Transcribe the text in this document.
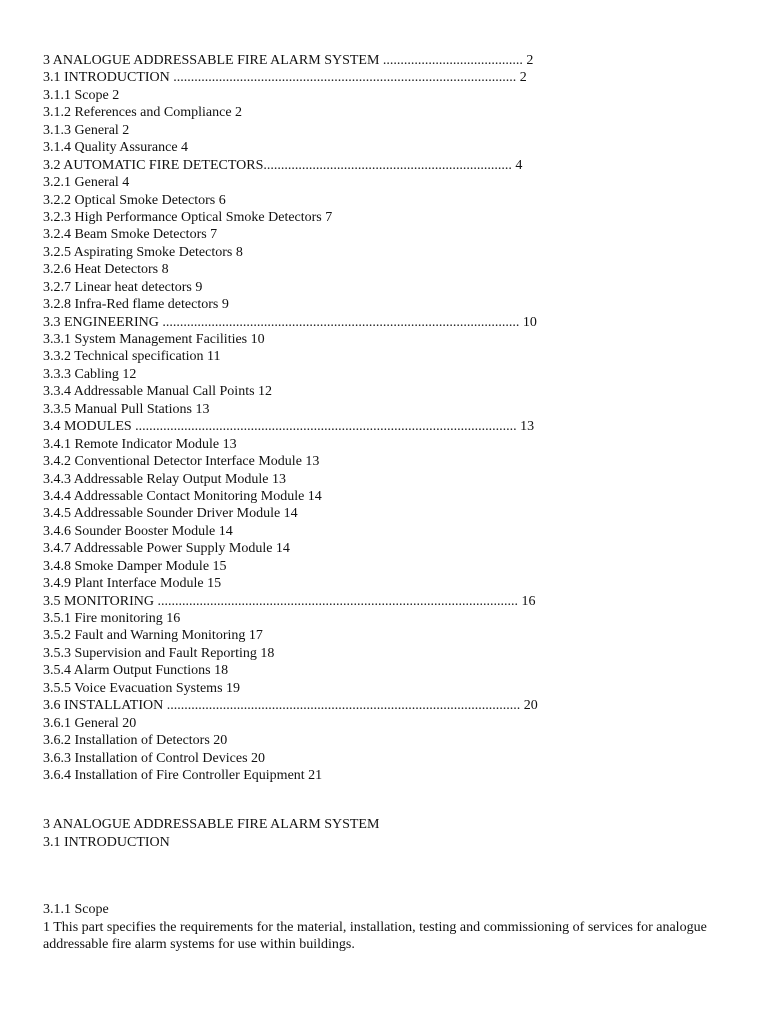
3 ANALOGUE ADDRESSABLE FIRE ALARM SYSTEM ........................................ 2
3.1 INTRODUCTION .................................................................................................. 2
3.1.1 Scope 2
3.1.2 References and Compliance 2
3.1.3 General 2
3.1.4 Quality Assurance 4
3.2 AUTOMATIC FIRE DETECTORS....................................................................... 4
3.2.1 General 4
3.2.2 Optical Smoke Detectors 6
3.2.3 High Performance Optical Smoke Detectors 7
3.2.4 Beam Smoke Detectors 7
3.2.5 Aspirating Smoke Detectors 8
3.2.6 Heat Detectors 8
3.2.7 Linear heat detectors 9
3.2.8 Infra-Red flame detectors 9
3.3 ENGINEERING ...................................................................................................... 10
3.3.1 System Management Facilities 10
3.3.2 Technical specification 11
3.3.3 Cabling 12
3.3.4 Addressable Manual Call Points 12
3.3.5 Manual Pull Stations 13
3.4 MODULES ............................................................................................................. 13
3.4.1 Remote Indicator Module 13
3.4.2 Conventional Detector Interface Module 13
3.4.3 Addressable Relay Output Module 13
3.4.4 Addressable Contact Monitoring Module 14
3.4.5 Addressable Sounder Driver Module 14
3.4.6 Sounder Booster Module 14
3.4.7 Addressable Power Supply Module 14
3.4.8 Smoke Damper Module 15
3.4.9 Plant Interface Module 15
3.5 MONITORING ....................................................................................................... 16
3.5.1 Fire monitoring 16
3.5.2 Fault and Warning Monitoring 17
3.5.3 Supervision and Fault Reporting 18
3.5.4 Alarm Output Functions 18
3.5.5 Voice Evacuation Systems 19
3.6 INSTALLATION ..................................................................................................... 20
3.6.1 General 20
3.6.2 Installation of Detectors 20
3.6.3 Installation of Control Devices 20
3.6.4 Installation of Fire Controller Equipment 21
3 ANALOGUE ADDRESSABLE FIRE ALARM SYSTEM
3.1 INTRODUCTION
3.1.1 Scope
1 This part specifies the requirements for the material, installation, testing and commissioning of services for analogue addressable fire alarm systems for use within buildings.
